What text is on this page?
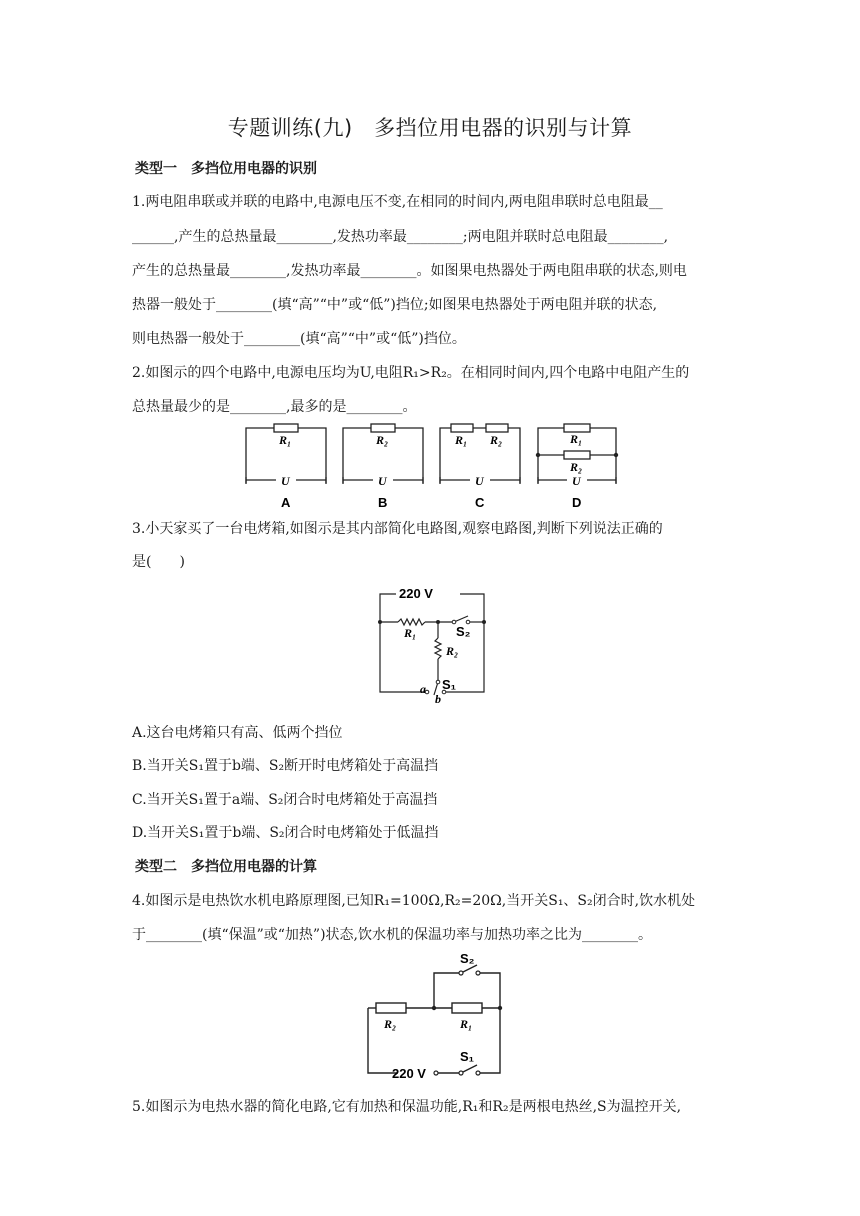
专题训练(九)　多挡位用电器的识别与计算
类型一　多挡位用电器的识别
1.两电阻串联或并联的电路中,电源电压不变,在相同的时间内,两电阻串联时总电阻最__
______,产生的总热量最________,发热功率最________;两电阻并联时总电阻最________,
产生的总热量最________,发热功率最________。如图果电热器处于两电阻串联的状态,则电
热器一般处于________(填“高”“中”或“低”)挡位;如图果电热器处于两电阻并联的状态,
则电热器一般处于________(填“高”“中”或“低”)挡位。
2.如图示的四个电路中,电源电压均为U,电阻R₁>R₂。在相同时间内,四个电路中电阻产生的
总热量最少的是________,最多的是________。
R₁	R₂	R₁ R₂	R₁
R₂
U	U	U	U
A	B	C	D
3.小天家买了一台电烤箱,如图示是其内部简化电路图,观察电路图,判断下列说法正确的
是(　　)
220 V
R₁
R₂
S₂
S₁
a
b
A.这台电烤箱只有高、低两个挡位
B.当开关S₁置于b端、S₂断开时电烤箱处于高温挡
C.当开关S₁置于a端、S₂闭合时电烤箱处于高温挡
D.当开关S₁置于b端、S₂闭合时电烤箱处于低温挡
类型二　多挡位用电器的计算
4.如图示是电热饮水机电路原理图,已知R₁=100Ω,R₂=20Ω,当开关S₁、S₂闭合时,饮水机处
于________(填“保温”或“加热”)状态,饮水机的保温功率与加热功率之比为________。
S₂
R₂	R₁
S₁
220 V
5.如图示为电热水器的简化电路,它有加热和保温功能,R₁和R₂是两根电热丝,S为温控开关,
